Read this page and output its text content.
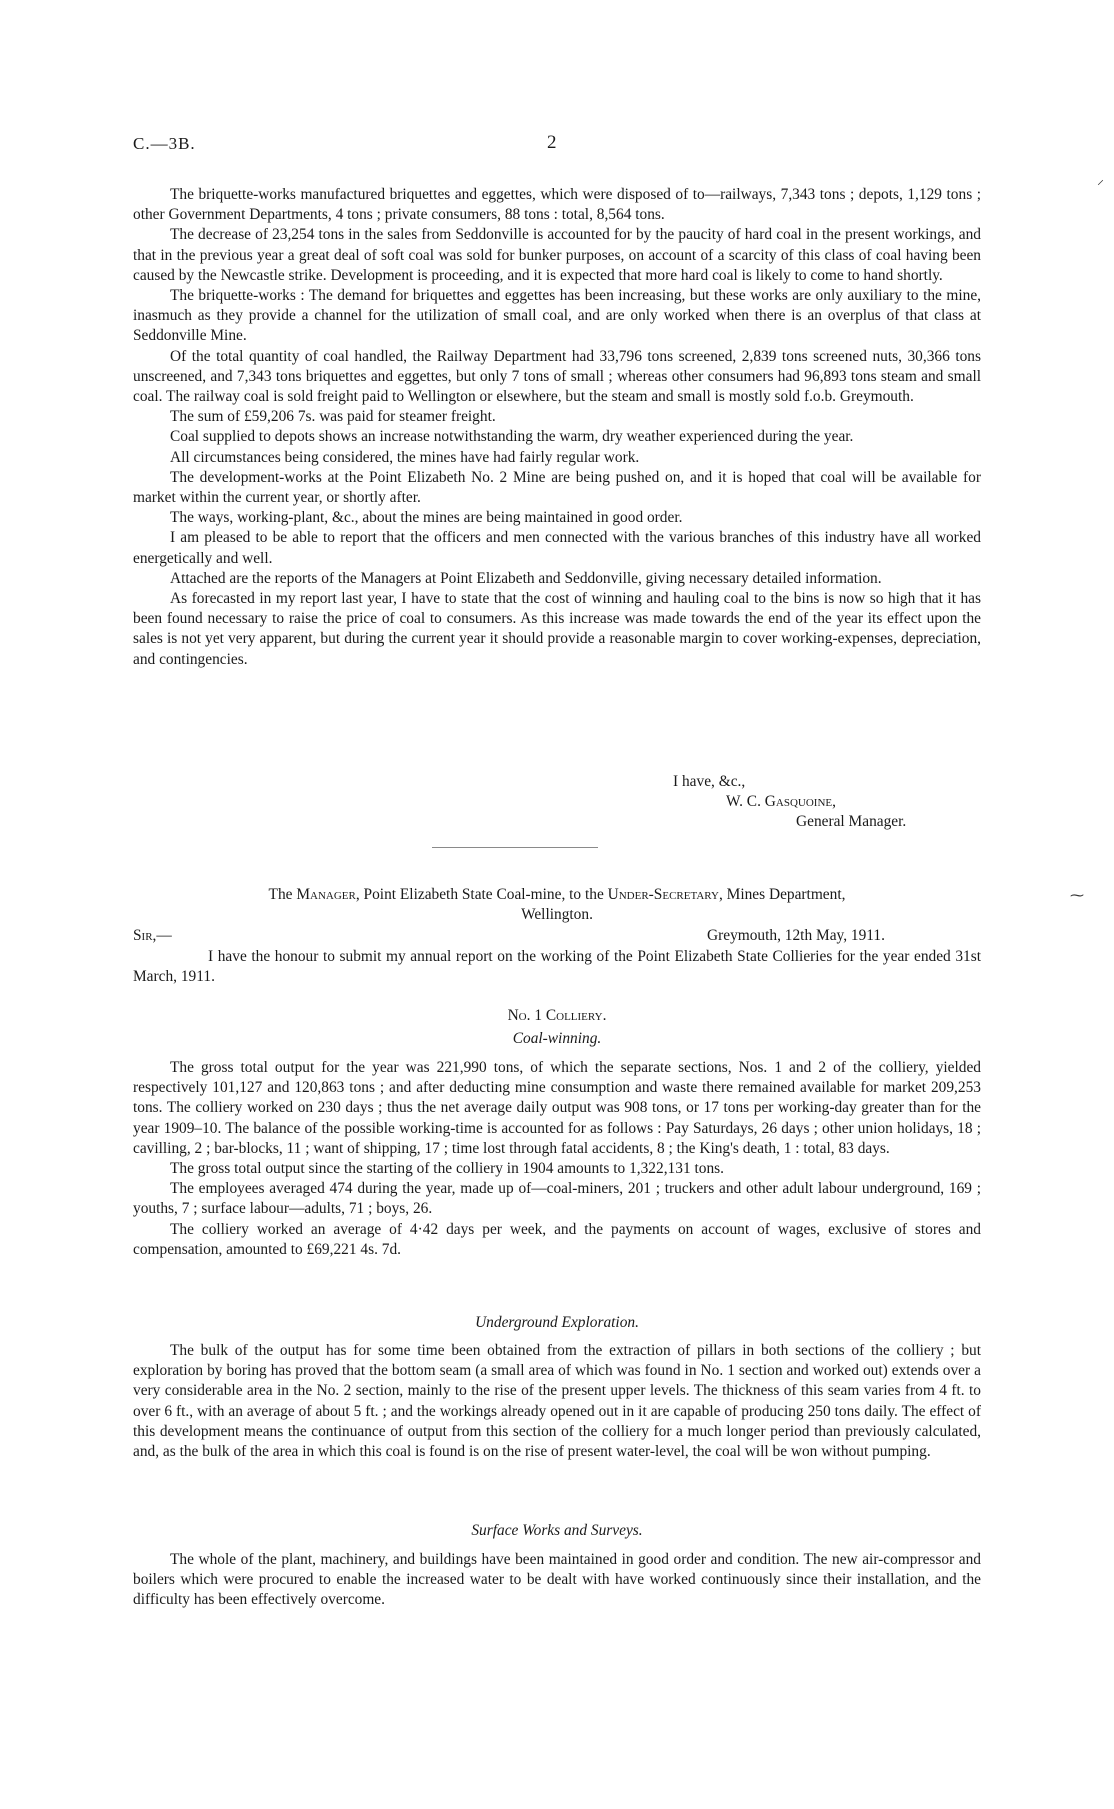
C.—3B.	2

The briquette-works manufactured briquettes and eggettes, which were disposed of to—railways, 7,343 tons ; depots, 1,129 tons ; other Government Departments, 4 tons ; private consumers, 88 tons : total, 8,564 tons.

The decrease of 23,254 tons in the sales from Seddonville is accounted for by the paucity of hard coal in the present workings, and that in the previous year a great deal of soft coal was sold for bunker purposes, on account of a scarcity of this class of coal having been caused by the Newcastle strike. Development is proceeding, and it is expected that more hard coal is likely to come to hand shortly.

The briquette-works : The demand for briquettes and eggettes has been increasing, but these works are only auxiliary to the mine, inasmuch as they provide a channel for the utilization of small coal, and are only worked when there is an overplus of that class at Seddonville Mine.

Of the total quantity of coal handled, the Railway Department had 33,796 tons screened, 2,839 tons screened nuts, 30,366 tons unscreened, and 7,343 tons briquettes and eggettes, but only 7 tons of small ; whereas other consumers had 96,893 tons steam and small coal. The railway coal is sold freight paid to Wellington or elsewhere, but the steam and small is mostly sold f.o.b. Greymouth.

The sum of £59,206 7s. was paid for steamer freight.

Coal supplied to depots shows an increase notwithstanding the warm, dry weather experienced during the year.

All circumstances being considered, the mines have had fairly regular work.

The development-works at the Point Elizabeth No. 2 Mine are being pushed on, and it is hoped that coal will be available for market within the current year, or shortly after.

The ways, working-plant, &c., about the mines are being maintained in good order.

I am pleased to be able to report that the officers and men connected with the various branches of this industry have all worked energetically and well.

Attached are the reports of the Managers at Point Elizabeth and Seddonville, giving necessary detailed information.

As forecasted in my report last year, I have to state that the cost of winning and hauling coal to the bins is now so high that it has been found necessary to raise the price of coal to consumers. As this increase was made towards the end of the year its effect upon the sales is not yet very apparent, but during the current year it should provide a reasonable margin to cover working-expenses, depreciation, and contingencies.

I have, &c.,
W. C. Gasquoine,
General Manager.
The Manager, Point Elizabeth State Coal-mine, to the Under-Secretary, Mines Department,
Wellington.
Sir,—	Greymouth, 12th May, 1911.

I have the honour to submit my annual report on the working of the Point Elizabeth State Collieries for the year ended 31st March, 1911.

No. 1 Colliery.
Coal-winning.

The gross total output for the year was 221,990 tons, of which the separate sections, Nos. 1 and 2 of the colliery, yielded respectively 101,127 and 120,863 tons ; and after deducting mine consumption and waste there remained available for market 209,253 tons. The colliery worked on 230 days ; thus the net average daily output was 908 tons, or 17 tons per working-day greater than for the year 1909–10. The balance of the possible working-time is accounted for as follows : Pay Saturdays, 26 days ; other union holidays, 18 ; cavilling, 2 ; bar-blocks, 11 ; want of shipping, 17 ; time lost through fatal accidents, 8 ; the King's death, 1 : total, 83 days.

The gross total output since the starting of the colliery in 1904 amounts to 1,322,131 tons.

The employees averaged 474 during the year, made up of—coal-miners, 201 ; truckers and other adult labour underground, 169 ; youths, 7 ; surface labour—adults, 71 ; boys, 26.

The colliery worked an average of 4·42 days per week, and the payments on account of wages, exclusive of stores and compensation, amounted to £69,221 4s. 7d.

Underground Exploration.

The bulk of the output has for some time been obtained from the extraction of pillars in both sections of the colliery ; but exploration by boring has proved that the bottom seam (a small area of which was found in No. 1 section and worked out) extends over a very considerable area in the No. 2 section, mainly to the rise of the present upper levels. The thickness of this seam varies from 4 ft. to over 6 ft., with an average of about 5 ft. ; and the workings already opened out in it are capable of producing 250 tons daily. The effect of this development means the continuance of output from this section of the colliery for a much longer period than previously calculated, and, as the bulk of the area in which this coal is found is on the rise of present water-level, the coal will be won without pumping.

Surface Works and Surveys.

The whole of the plant, machinery, and buildings have been maintained in good order and condition. The new air-compressor and boilers which were procured to enable the increased water to be dealt with have worked continuously since their installation, and the difficulty has been effectively overcome.

⸝
⁓
